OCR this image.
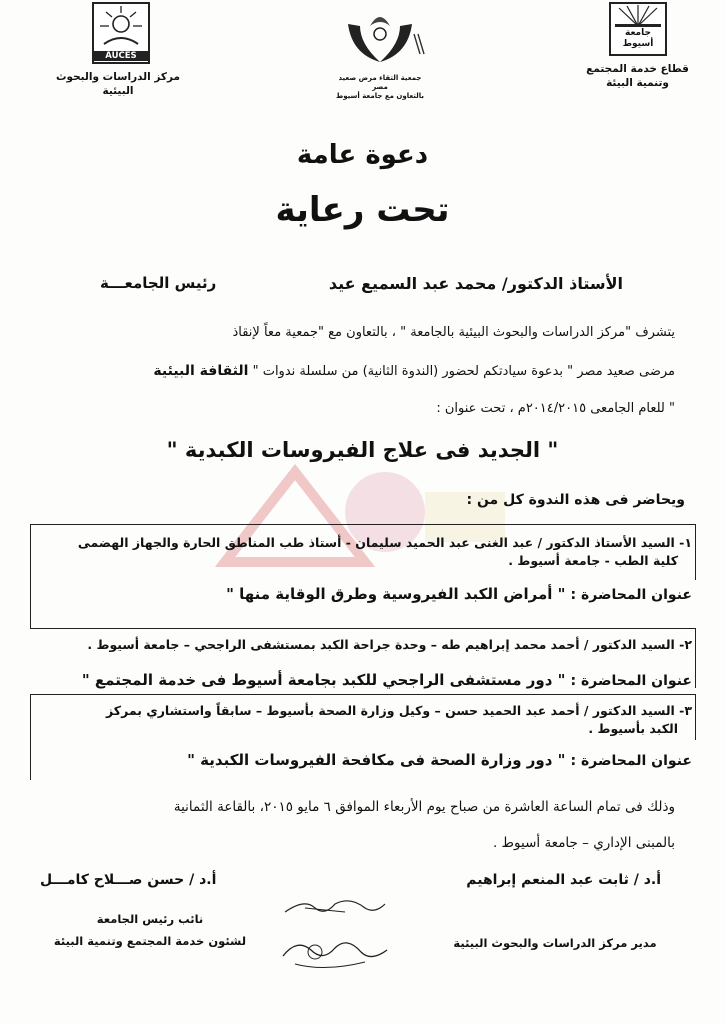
جامعة
أسيوط
قطاع خدمة المجتمع
وتنمية البيئة
جمعية التقاء مرض صعيد مصر
بالتعاون مع جامعة أسيوط
AUCES
مركز الدراسات والبحوث البيئية
دعوة عامة
تحت رعاية
الأستاذ الدكتور/ محمد عبد السميع عيد
رئيس الجامعـــة
يتشرف "مركز الدراسات والبحوث البيئية بالجامعة " ، بالتعاون مع "جمعية معاً لإنقاذ
مرضى صعيد مصر " بدعوة سيادتكم لحضور (الندوة الثانية) من سلسلة ندوات " الثقافة البيئية
" للعام الجامعى ٢٠١٤/٢٠١٥م ، تحت عنوان :
" الجديد فى علاج الفيروسات الكبدية "
ويحاضر فى هذه الندوة كل من :
١- السيد الأستاذ الدكتور / عبد الغنى عبد الحميد سليمان - أستاذ طب المناطق الحارة والجهاز الهضمى
كلية الطب - جامعة أسيوط .
عنوان المحاضرة : " أمراض الكبد الفيروسية وطرق الوقاية منها "
٢- السيد الدكتور / أحمد محمد إبراهيم طه – وحدة جراحة الكبد بمستشفى الراجحي – جامعة أسيوط .
عنوان المحاضرة : " دور مستشفى الراجحي للكبد بجامعة أسيوط فى خدمة المجتمع "
٣- السيد الدكتور / أحمد عبد الحميد حسن – وكيل وزارة الصحة بأسيوط – سابقاً واستشاري بمركز
الكبد بأسيوط .
عنوان المحاضرة : " دور وزارة الصحة فى مكافحة الفيروسات الكبدية "
وذلك فى تمام الساعة العاشرة من صباح يوم الأربعاء الموافق ٦ مايو ٢٠١٥، بالقاعة الثمانية
بالمبنى الإداري – جامعة أسيوط .
أ.د / ثابت عبد المنعم إبراهيم
مدير مركز الدراسات والبحوث البيئية
أ.د / حسن صـــلاح كامـــل
نائب رئيس الجامعة
لشئون خدمة المجتمع وتنمية البيئة
